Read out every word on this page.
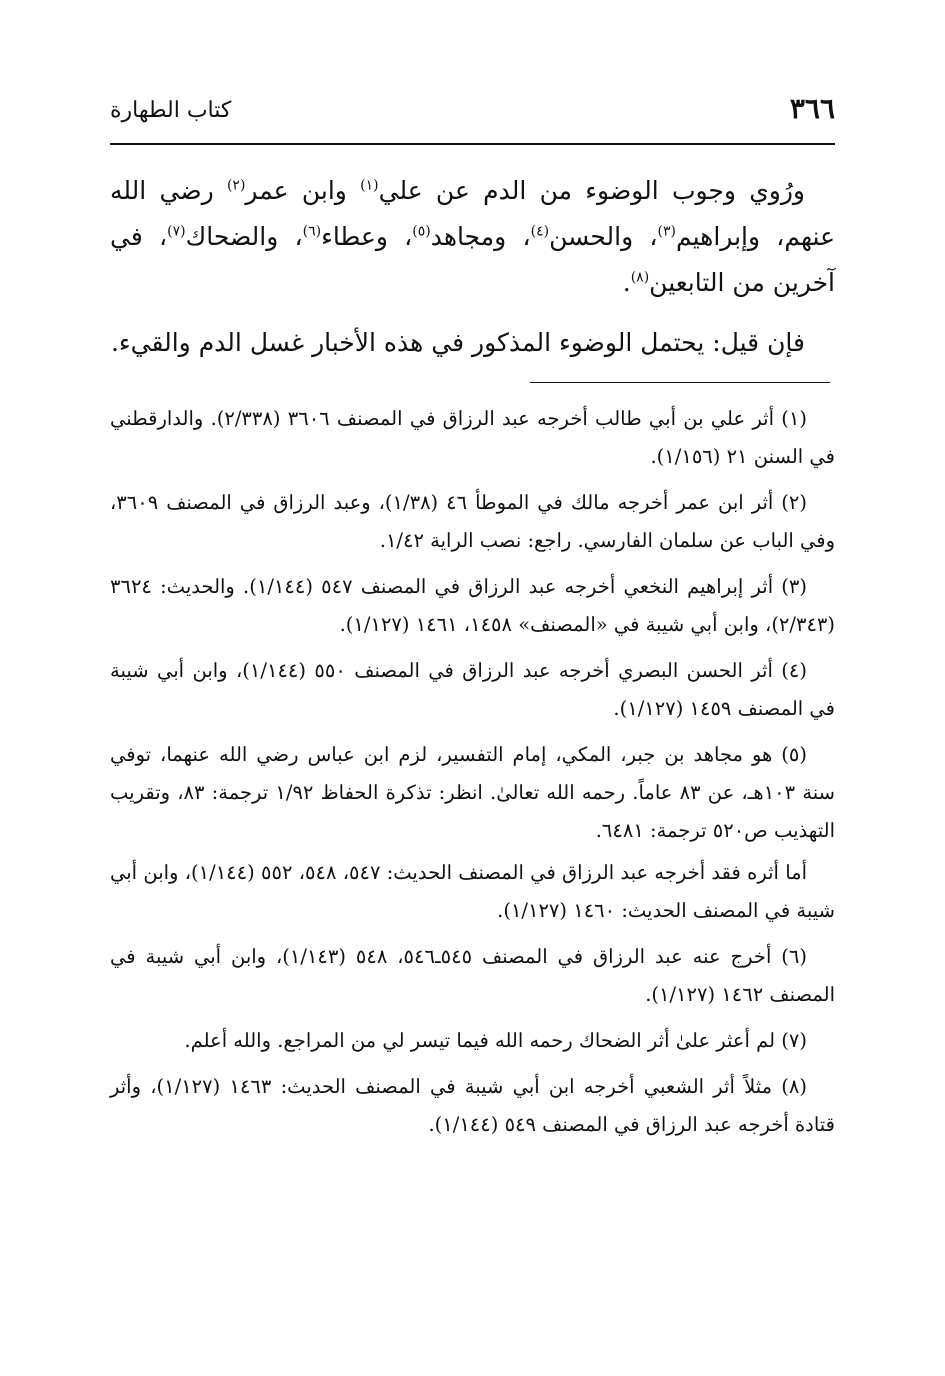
٣٦٦
كتاب الطهارة

ورُوي وجوب الوضوء من الدم عن علي$^{(١)}$ وابن عمر$^{(٢)}$ رضي الله عنهم، وإبراهيم$^{(٣)}$، والحسن$^{(٤)}$، ومجاهد$^{(٥)}$، وعطاء$^{(٦)}$، والضحاك$^{(٧)}$، في آخرين من التابعين$^{(٨)}$.

فإن قيل: يحتمل الوضوء المذكور في هذه الأخبار غسل الدم والقيء.

(١) أثر علي بن أبي طالب أخرجه عبد الرزاق في المصنف ٣٦٠٦ (٢/٣٣٨). والدارقطني في السنن ٢١ (١/١٥٦).

(٢) أثر ابن عمر أخرجه مالك في الموطأ ٤٦ (١/٣٨)، وعبد الرزاق في المصنف ٣٦٠٩، وفي الباب عن سلمان الفارسي. راجع: نصب الراية ١/٤٢.

(٣) أثر إبراهيم النخعي أخرجه عبد الرزاق في المصنف ٥٤٧ (١/١٤٤). والحديث: ٣٦٢٤ (٢/٣٤٣)، وابن أبي شيبة في «المصنف» ١٤٥٨، ١٤٦١ (١/١٢٧).

(٤) أثر الحسن البصري أخرجه عبد الرزاق في المصنف ٥٥٠ (١/١٤٤)، وابن أبي شيبة في المصنف ١٤٥٩ (١/١٢٧).

(٥) هو مجاهد بن جبر، المكي، إمام التفسير، لزم ابن عباس رضي الله عنهما، توفي سنة ١٠٣هـ، عن ٨٣ عاماً. رحمه الله تعالىٰ. انظر: تذكرة الحفاظ ١/٩٢ ترجمة: ٨٣، وتقريب التهذيب ص٥٢٠ ترجمة: ٦٤٨١.

أما أثره فقد أخرجه عبد الرزاق في المصنف الحديث: ٥٤٧، ٥٤٨، ٥٥٢ (١/١٤٤)، وابن أبي شيبة في المصنف الحديث: ١٤٦٠ (١/١٢٧).

(٦) أخرج عنه عبد الرزاق في المصنف ٥٤٥ـ٥٤٦، ٥٤٨ (١/١٤٣)، وابن أبي شيبة في المصنف ١٤٦٢ (١/١٢٧).

(٧) لم أعثر علىٰ أثر الضحاك رحمه الله فيما تيسر لي من المراجع. والله أعلم.

(٨) مثلاً أثر الشعبي أخرجه ابن أبي شيبة في المصنف الحديث: ١٤٦٣ (١/١٢٧)، وأثر قتادة أخرجه عبد الرزاق في المصنف ٥٤٩ (١/١٤٤).
